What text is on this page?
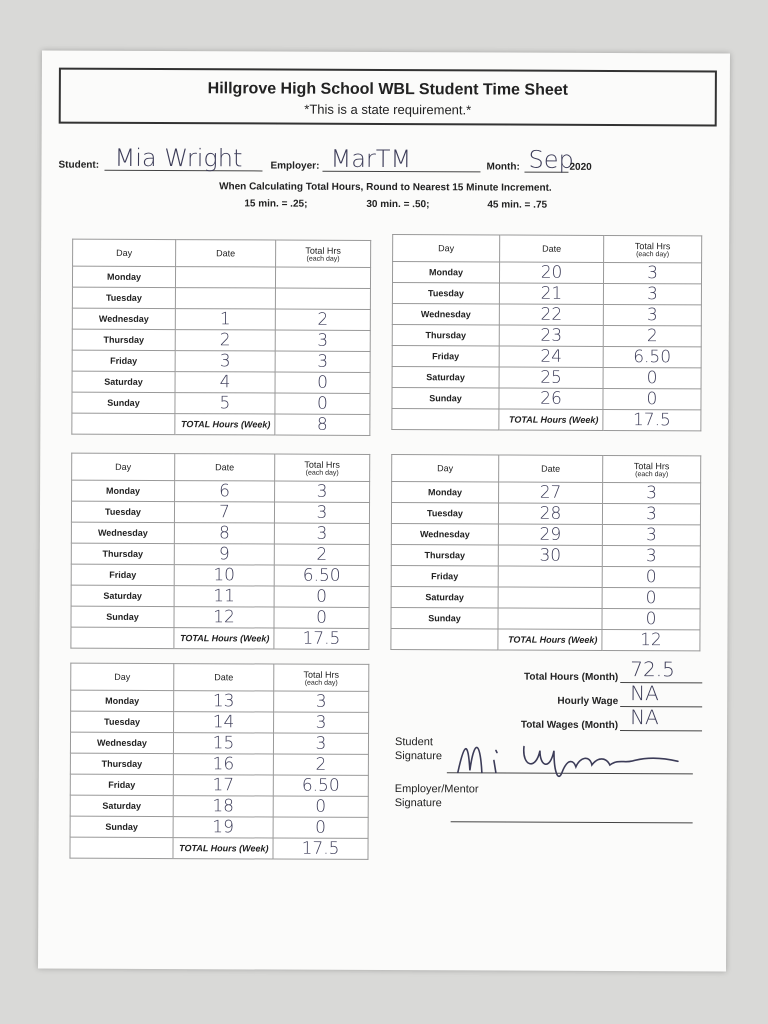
Hillgrove High School WBL Student Time Sheet
*This is a state requirement.*
Student: Mia Wright	Employer: MarTM	Month: Sep
2020
When Calculating Total Hours, Round to Nearest 15 Minute Increment.
15 min. = .25;	30 min. = .50;	45 min. = .75
Day	Date	Total Hrs
(each day)

Monday		
Tuesday		
Wednesday	1	2
Thursday	2	3
Friday	3	3
Saturday	4	0
Sunday	5	0
	TOTAL Hours (Week)	8
Day	Date	Total Hrs
(each day)

Monday	20	3
Tuesday	21	3
Wednesday	22	3
Thursday	23	2
Friday	24	6.50
Saturday	25	0
Sunday	26	0
	TOTAL Hours (Week)	17.5
Day	Date	Total Hrs
(each day)

Monday	6	3
Tuesday	7	3
Wednesday	8	3
Thursday	9	2
Friday	10	6.50
Saturday	11	0
Sunday	12	0
	TOTAL Hours (Week)	17.5
Day	Date	Total Hrs
(each day)

Monday	27	3
Tuesday	28	3
Wednesday	29	3
Thursday	30	3
Friday		0
Saturday		0
Sunday		0
	TOTAL Hours (Week)	12
Day	Date	Total Hrs
(each day)

Monday	13	3
Tuesday	14	3
Wednesday	15	3
Thursday	16	2
Friday	17	6.50
Saturday	18	0
Sunday	19	0
	TOTAL Hours (Week)	17.5
Total Hours (Month) 72.5
Hourly Wage NA
Total Wages (Month) NA
Student
Signature
Employer/Mentor
Signature
